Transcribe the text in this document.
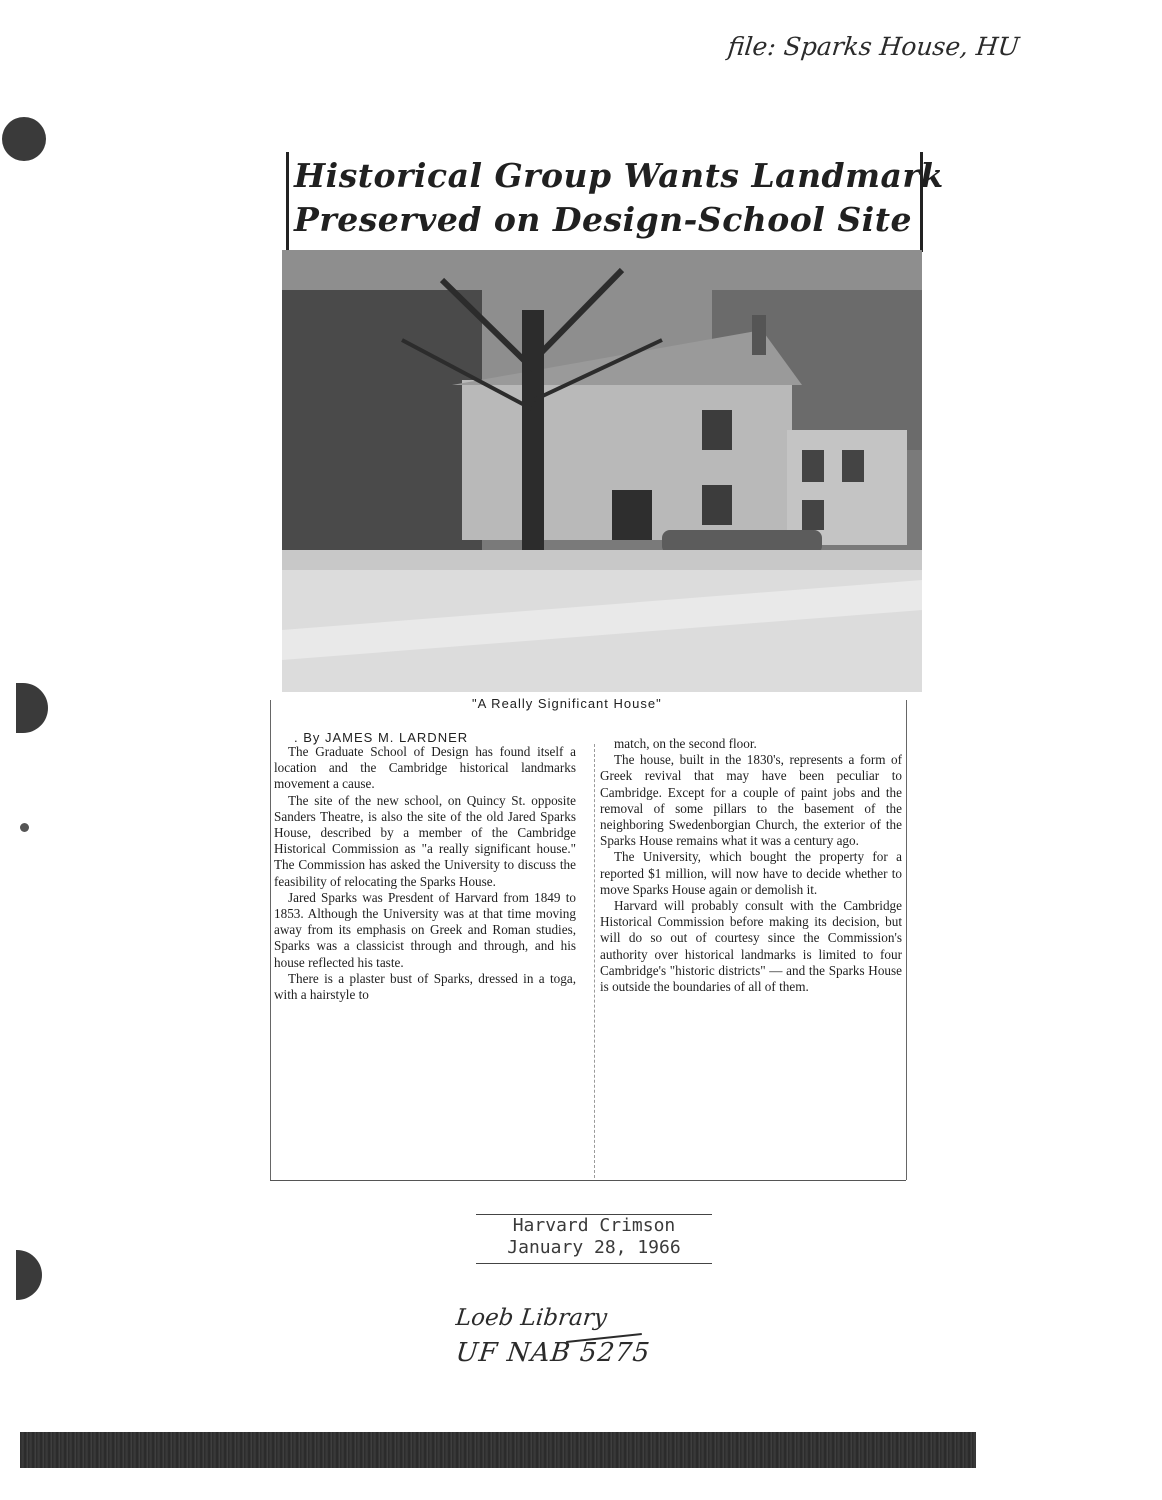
file: Sparks House, HU
Loeb Library
UF NAB 5275
Historical Group Wants Landmark
Preserved on Design-School Site
"A Really Significant House"
. By JAMES M. LARDNER

The Graduate School of Design has found itself a location and the Cambridge historical landmarks movement a cause.

The site of the new school, on Quincy St. opposite Sanders Theatre, is also the site of the old Jared Sparks House, described by a member of the Cambridge Historical Commission as "a really significant house." The Commission has asked the University to discuss the feasibility of relocating the Sparks House.

Jared Sparks was Presdent of Harvard from 1849 to 1853. Although the University was at that time moving away from its emphasis on Greek and Roman studies, Sparks was a classicist through and through, and his house reflected his taste.

There is a plaster bust of Sparks, dressed in a toga, with a hairstyle to

match, on the second floor.

The house, built in the 1830's, represents a form of Greek revival that may have been peculiar to Cambridge. Except for a couple of paint jobs and the removal of some pillars to the basement of the neighboring Swedenborgian Church, the exterior of the Sparks House remains what it was a century ago.

The University, which bought the property for a reported $1 million, will now have to decide whether to move Sparks House again or demolish it.

Harvard will probably consult with the Cambridge Historical Commission before making its decision, but will do so out of courtesy since the Commission's authority over historical landmarks is limited to four Cambridge's "historic districts" — and the Sparks House is outside the boundaries of all of them.

Harvard Crimson
January 28, 1966
